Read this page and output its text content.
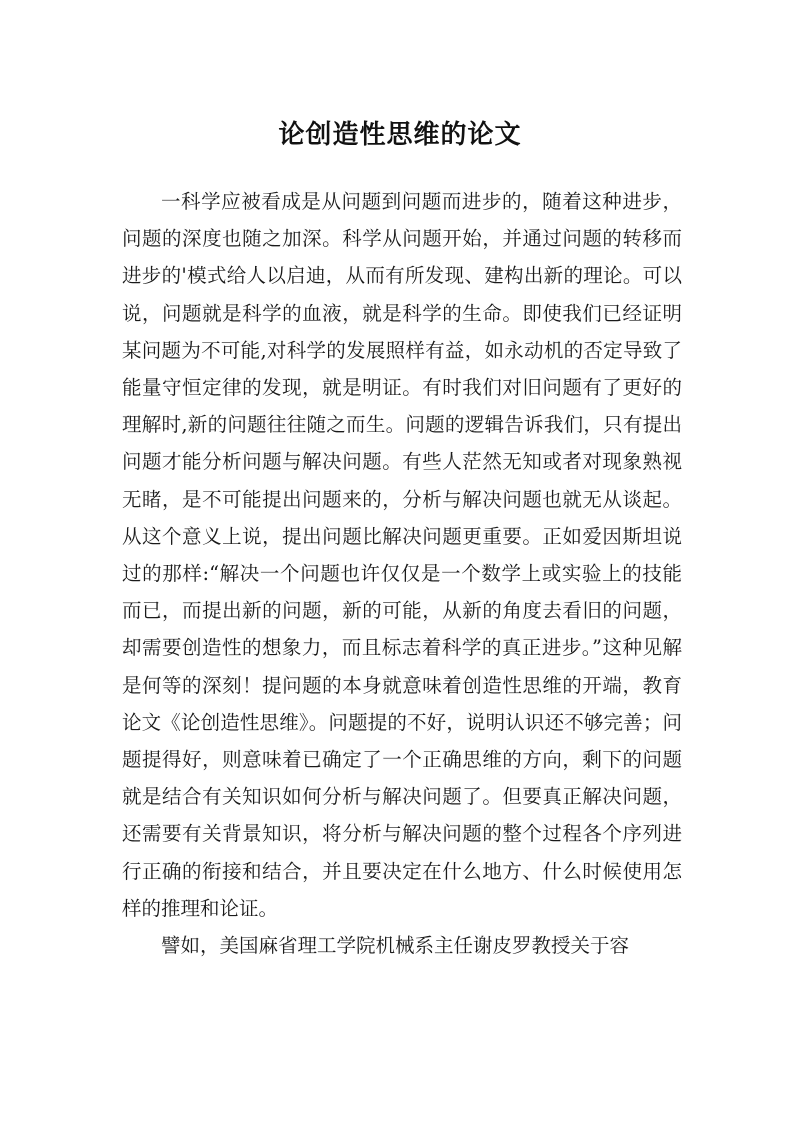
论创造性思维的论文

一科学应被看成是从问题到问题而进步的，随着这种进步，问题的深度也随之加深。科学从问题开始，并通过问题的转移而进步的'模式给人以启迪，从而有所发现、建构出新的理论。可以说，问题就是科学的血液，就是科学的生命。即使我们已经证明某问题为不可能,对科学的发展照样有益，如永动机的否定导致了能量守恒定律的发现，就是明证。有时我们对旧问题有了更好的理解时,新的问题往往随之而生。问题的逻辑告诉我们，只有提出问题才能分析问题与解决问题。有些人茫然无知或者对现象熟视无睹，是不可能提出问题来的，分析与解决问题也就无从谈起。从这个意义上说，提出问题比解决问题更重要。正如爱因斯坦说过的那样:“解决一个问题也许仅仅是一个数学上或实验上的技能而已，而提出新的问题，新的可能，从新的角度去看旧的问题，却需要创造性的想象力，而且标志着科学的真正进步。”这种见解是何等的深刻！提问题的本身就意味着创造性思维的开端，教育论文《论创造性思维》。问题提的不好，说明认识还不够完善；问题提得好，则意味着已确定了一个正确思维的方向，剩下的问题就是结合有关知识如何分析与解决问题了。但要真正解决问题，还需要有关背景知识，将分析与解决问题的整个过程各个序列进行正确的衔接和结合，并且要决定在什么地方、什么时候使用怎样的推理和论证。

譬如，美国麻省理工学院机械系主任谢皮罗教授关于容
